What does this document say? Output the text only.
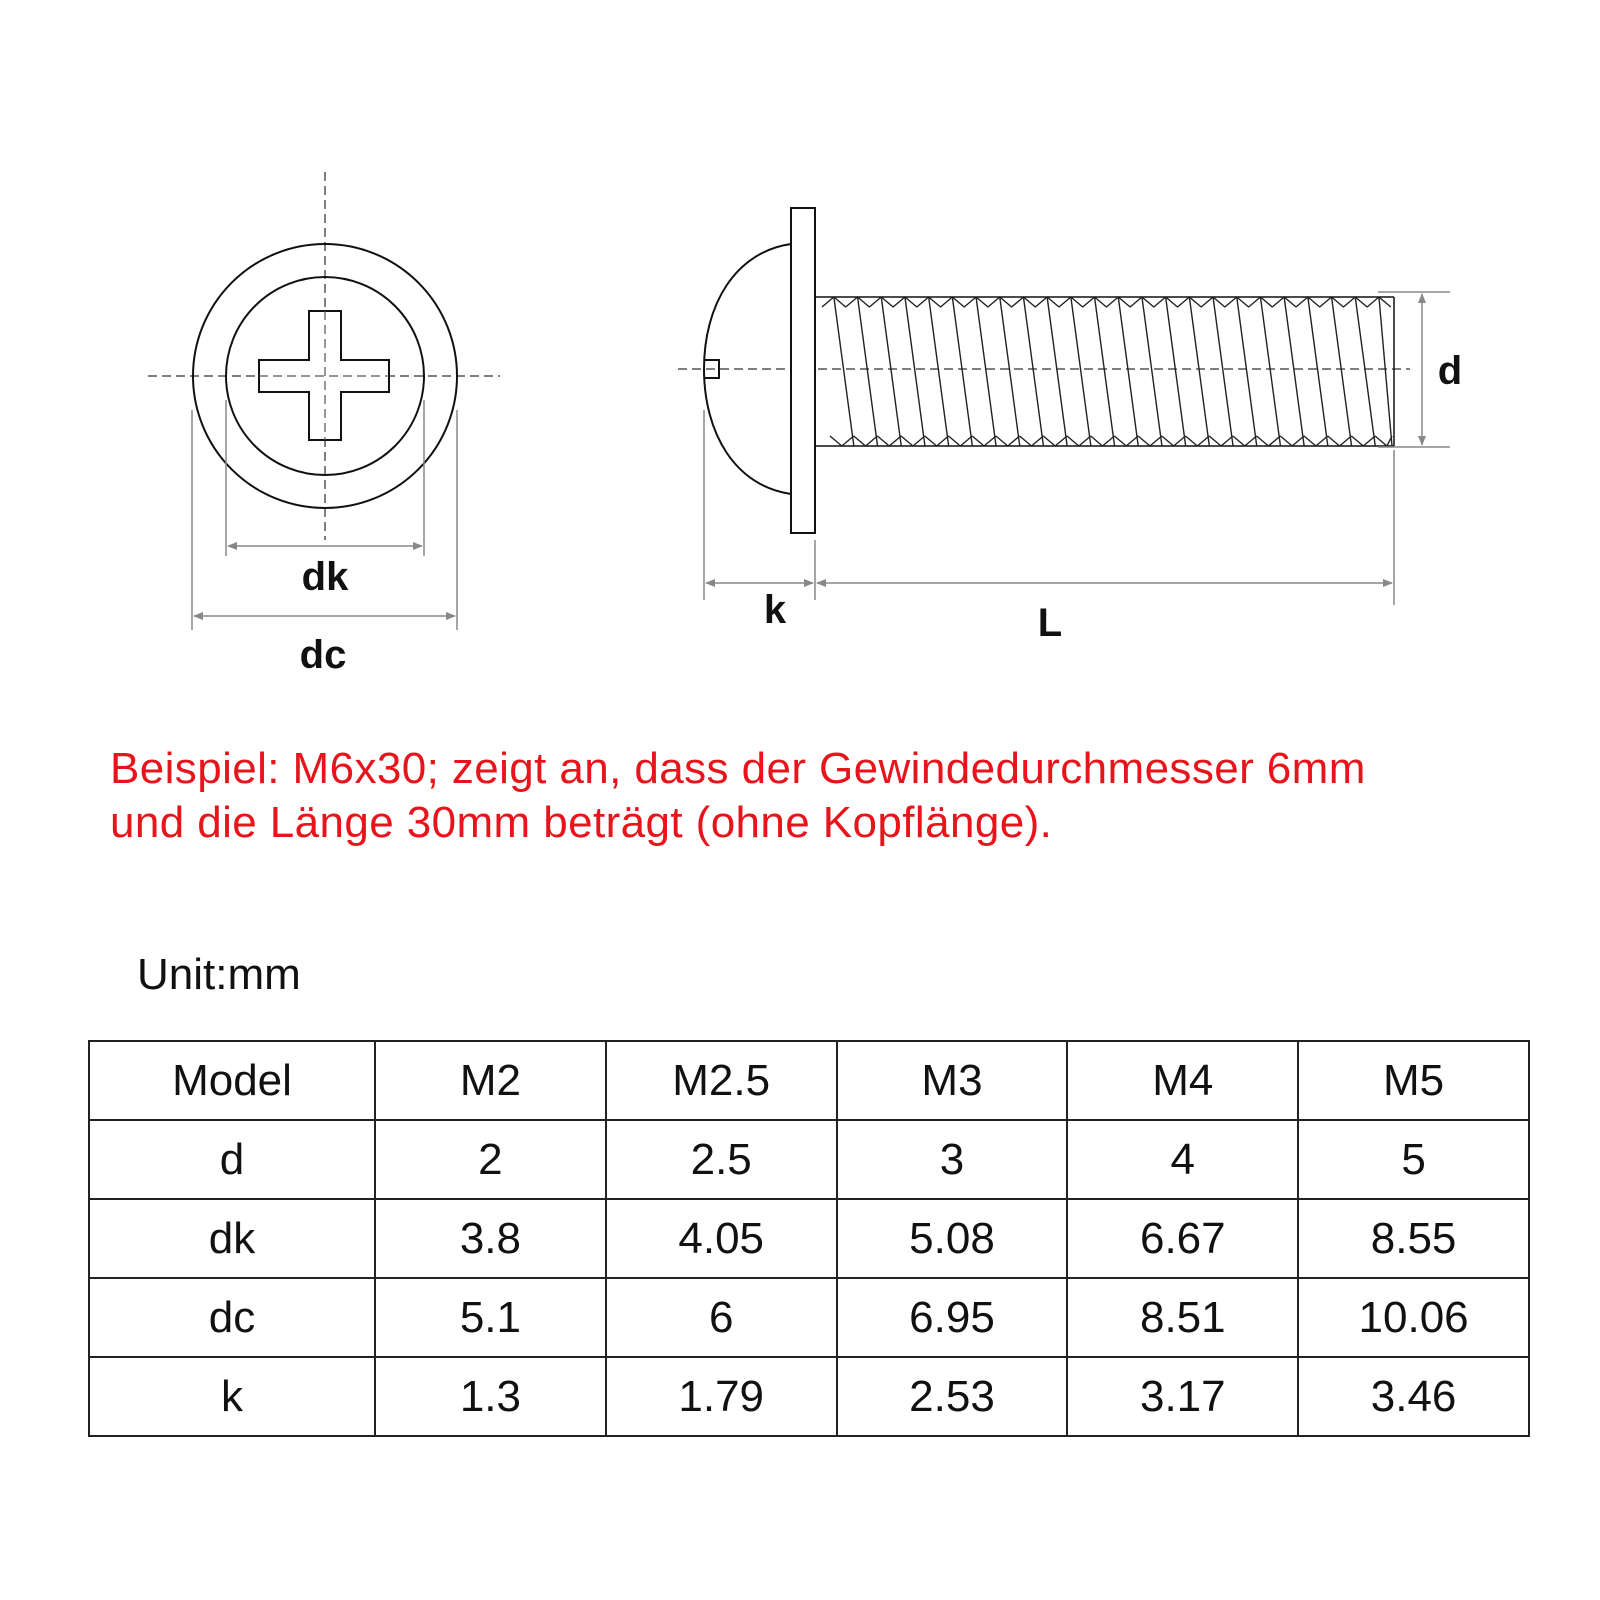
dk
dc
d
k	L
Beispiel: M6x30; zeigt an, dass der Gewindedurchmesser 6mm
und die Länge 30mm beträgt (ohne Kopflänge).
Unit:mm
Model	M2	M2.5	M3	M4	M5
d	2	2.5	3	4	5
dk	3.8	4.05	5.08	6.67	8.55
dc	5.1	6	6.95	8.51	10.06
k	1.3	1.79	2.53	3.17	3.46
